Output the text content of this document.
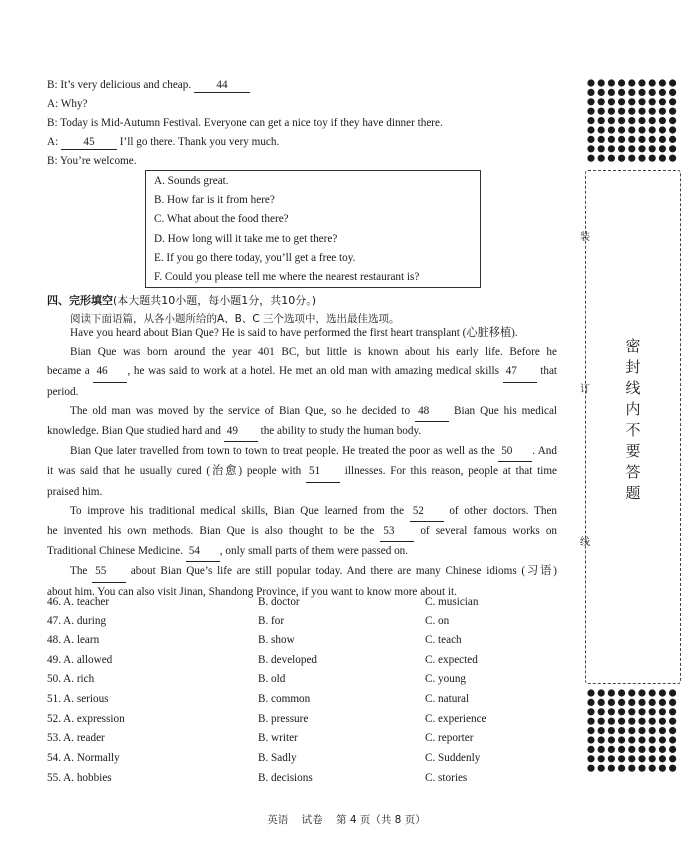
B: It’s very delicious and cheap. 44
A: Why?
B: Today is Mid-Autumn Festival. Everyone can get a nice toy if they have dinner there.
A: 45 I’ll go there. Thank you very much.
B: You’re welcome.
A. Sounds great.
B. How far is it from here?
C. What about the food there?
D. How long will it take me to get there?
E. If you go there today, you’ll get a free toy.
F. Could you please tell me where the nearest restaurant is?
四、完形填空(本大题共10小题，每小题1分，共10分。)
阅读下面语篇，从各小题所给的A、B、C 三个选项中，选出最佳选项。
Have you heard about Bian Que? He is said to have performed the first heart transplant (心脏移植).
Bian Que was born around the year 401 BC, but little is known about his early life. Before he
became a 46 , he was said to work at a hotel. He met an old man with amazing medical skills 47 that
period.
The old man was moved by the service of Bian Que, so he decided to 48 Bian Que his medical
knowledge. Bian Que studied hard and 49 the ability to study the human body.
Bian Que later travelled from town to town to treat people. He treated the poor as well as the 50 . And
it was said that he usually cured (治愈) people with 51 illnesses. For this reason, people at that time
praised him.
To improve his traditional medical skills, Bian Que learned from the 52 of other doctors. Then
he invented his own methods. Bian Que is also thought to be the 53 of several famous works on
Traditional Chinese Medicine. 54 , only small parts of them were passed on.
The 55 about Bian Que’s life are still popular today. And there are many Chinese idioms (习语)
about him. You can also visit Jinan, Shandong Province, if you want to know more about it.
46. A. teacher	B. doctor	C. musician
47. A. during	B. for	C. on
48. A. learn	B. show	C. teach
49. A. allowed	B. developed	C. expected
50. A. rich	B. old	C. young
51. A. serious	B. common	C. natural
52. A. expression	B. pressure	C. experience
53. A. reader	B. writer	C. reporter
54. A. Normally	B. Sadly	C. Suddenly
55. A. hobbies	B. decisions	C. stories
密
封
线
内
不
要
答
题
装
订
线
英语 试卷 第 4 页（共 8 页）
